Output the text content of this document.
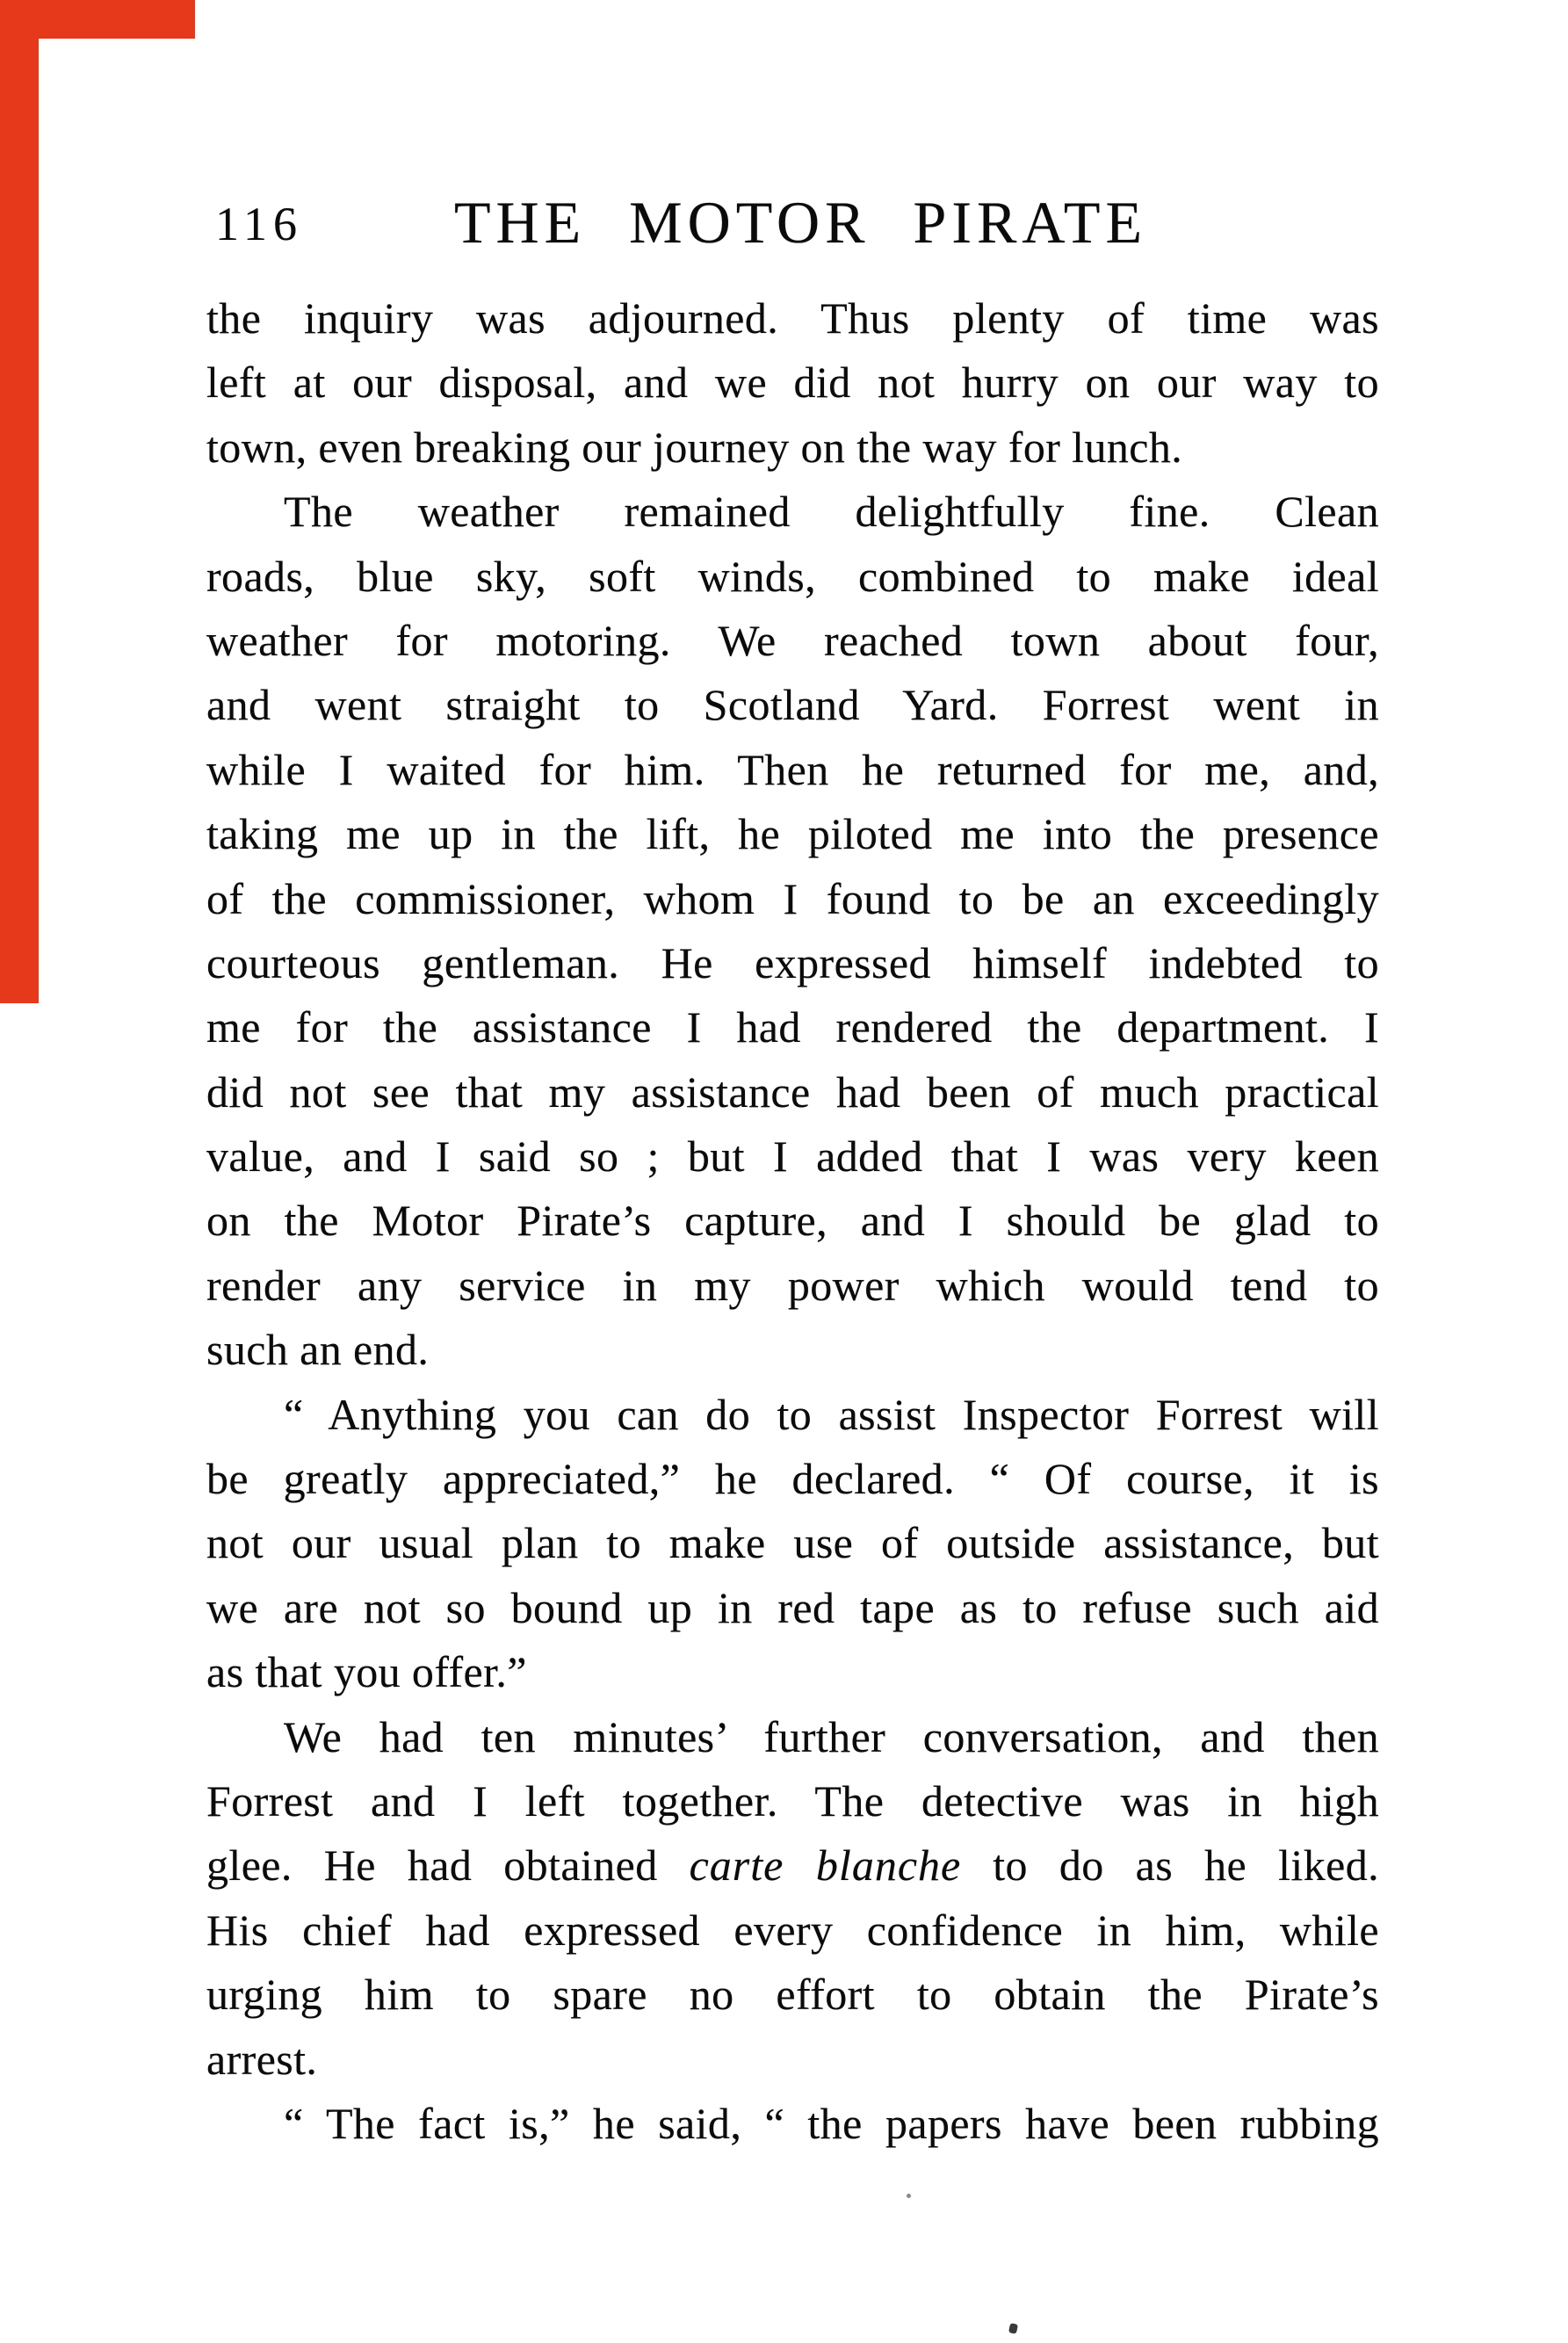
116	THE MOTOR PIRATE
the inquiry was adjourned. Thus plenty of time was
left at our disposal, and we did not hurry on our way to
town, even breaking our journey on the way for lunch.
The weather remained delightfully fine. Clean
roads, blue sky, soft winds, combined to make ideal
weather for motoring. We reached town about four,
and went straight to Scotland Yard. Forrest went in
while I waited for him. Then he returned for me, and,
taking me up in the lift, he piloted me into the presence
of the commissioner, whom I found to be an exceedingly
courteous gentleman. He expressed himself indebted to
me for the assistance I had rendered the department. I
did not see that my assistance had been of much practical
value, and I said so ; but I added that I was very keen
on the Motor Pirate’s capture, and I should be glad to
render any service in my power which would tend to
such an end.
“ Anything you can do to assist Inspector Forrest will
be greatly appreciated,” he declared. “ Of course, it is
not our usual plan to make use of outside assistance, but
we are not so bound up in red tape as to refuse such aid
as that you offer.”
We had ten minutes’ further conversation, and then
Forrest and I left together. The detective was in high
glee. He had obtained carte blanche to do as he liked.
His chief had expressed every confidence in him, while
urging him to spare no effort to obtain the Pirate’s
arrest.
“ The fact is,” he said, “ the papers have been rubbing
